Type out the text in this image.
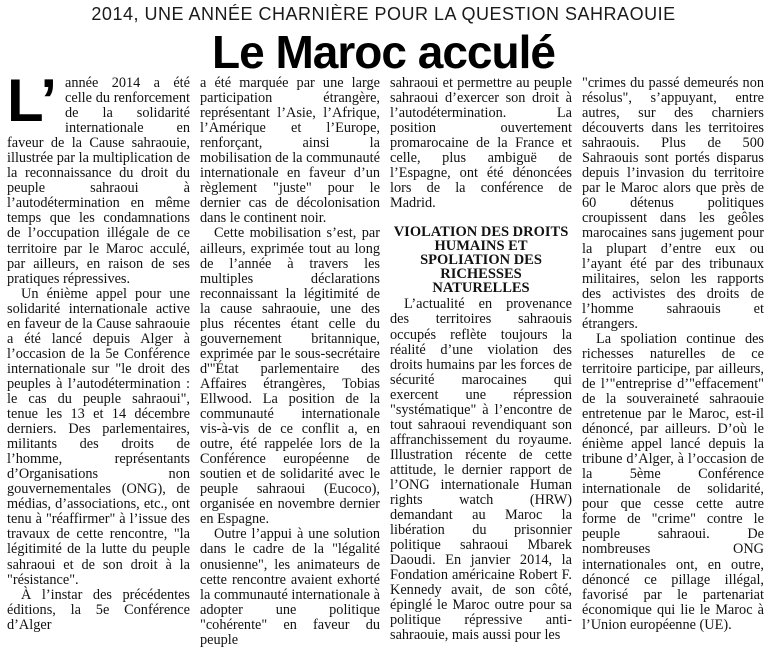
2014, UNE ANNÉE CHARNIÈRE POUR LA QUESTION SAHRAOUIE
Le Maroc acculé

L’ année 2014 a été celle du renforcement de la solidarité internationale en faveur de la Cause sahraouie, illustrée par la multiplication de la reconnaissance du droit du peuple sahraoui à l’autodétermination en même temps que les condamnations de l’occupation illégale de ce territoire par le Maroc acculé, par ailleurs, en raison de ses pratiques répressives.

Un énième appel pour une solidarité internationale active en faveur de la Cause sahraouie a été lancé depuis Alger à l’occasion de la 5e Conférence internationale sur "le droit des peuples à l’autodétermination : le cas du peuple sahraoui", tenue les 13 et 14 décembre derniers. Des parlementaires, militants des droits de l’homme, représentants d’Organisations non gouvernementales (ONG), de médias, d’associations, etc., ont tenu à "réaffirmer" à l’issue des travaux de cette rencontre, "la légitimité de la lutte du peuple sahraoui et de son droit à la "résistance".

À l’instar des précédentes éditions, la 5e Conférence d’Alger

a été marquée par une large participation étrangère, représentant l’Asie, l’Afrique, l’Amérique et l’Europe, renforçant, ainsi la mobilisation de la communauté internationale en faveur d’un règlement "juste" pour le dernier cas de décolonisation dans le continent noir.

Cette mobilisation s’est, par ailleurs, exprimée tout au long de l’année à travers les multiples déclarations reconnaissant la légitimité de la cause sahraouie, une des plus récentes étant celle du gouvernement britannique, exprimée par le sous-secrétaire d'"État parlementaire des Affaires étrangères, Tobias Ellwood. La position de la communauté internationale vis-à-vis de ce conflit a, en outre, été rappelée lors de la Conférence européenne de soutien et de solidarité avec le peuple sahraoui (Eucoco), organisée en novembre dernier en Espagne.

Outre l’appui à une solution dans le cadre de la "légalité onusienne", les animateurs de cette rencontre avaient exhorté la communauté internationale à adopter une politique "cohérente" en faveur du peuple

sahraoui et permettre au peuple sahraoui d’exercer son droit à l’autodétermination. La position ouvertement promarocaine de la France et celle, plus ambiguë de l’Espagne, ont été dénoncées lors de la conférence de Madrid.

VIOLATION DES DROITS HUMAINS ET SPOLIATION DES RICHESSES NATURELLES

L’actualité en provenance des territoires sahraouis occupés reflète toujours la réalité d’une violation des droits humains par les forces de sécurité marocaines qui exercent une répression "systématique" à l’encontre de tout sahraoui revendiquant son affranchissement du royaume. Illustration récente de cette attitude, le dernier rapport de l’ONG internationale Human rights watch (HRW) demandant au Maroc la libération du prisonnier politique sahraoui Mbarek Daoudi. En janvier 2014, la Fondation américaine Robert F. Kennedy avait, de son côté, épinglé le Maroc outre pour sa politique répressive anti-sahraouie, mais aussi pour les

"crimes du passé demeurés non résolus", s’appuyant, entre autres, sur des charniers découverts dans les territoires sahraouis. Plus de 500 Sahraouis sont portés disparus depuis l’invasion du territoire par le Maroc alors que près de 60 détenus politiques croupissent dans les geôles marocaines sans jugement pour la plupart d’entre eux ou l’ayant été par des tribunaux militaires, selon les rapports des activistes des droits de l’homme sahraouis et étrangers.

La spoliation continue des richesses naturelles de ce territoire participe, par ailleurs, de l’"entreprise d’"effacement" de la souveraineté sahraouie entretenue par le Maroc, est-il dénoncé, par ailleurs. D’où le énième appel lancé depuis la tribune d’Alger, à l’occasion de la 5ème Conférence internationale de solidarité, pour que cesse cette autre forme de "crime" contre le peuple sahraoui. De nombreuses ONG internationales ont, en outre, dénoncé ce pillage illégal, favorisé par le partenariat économique qui lie le Maroc à l’Union européenne (UE).
